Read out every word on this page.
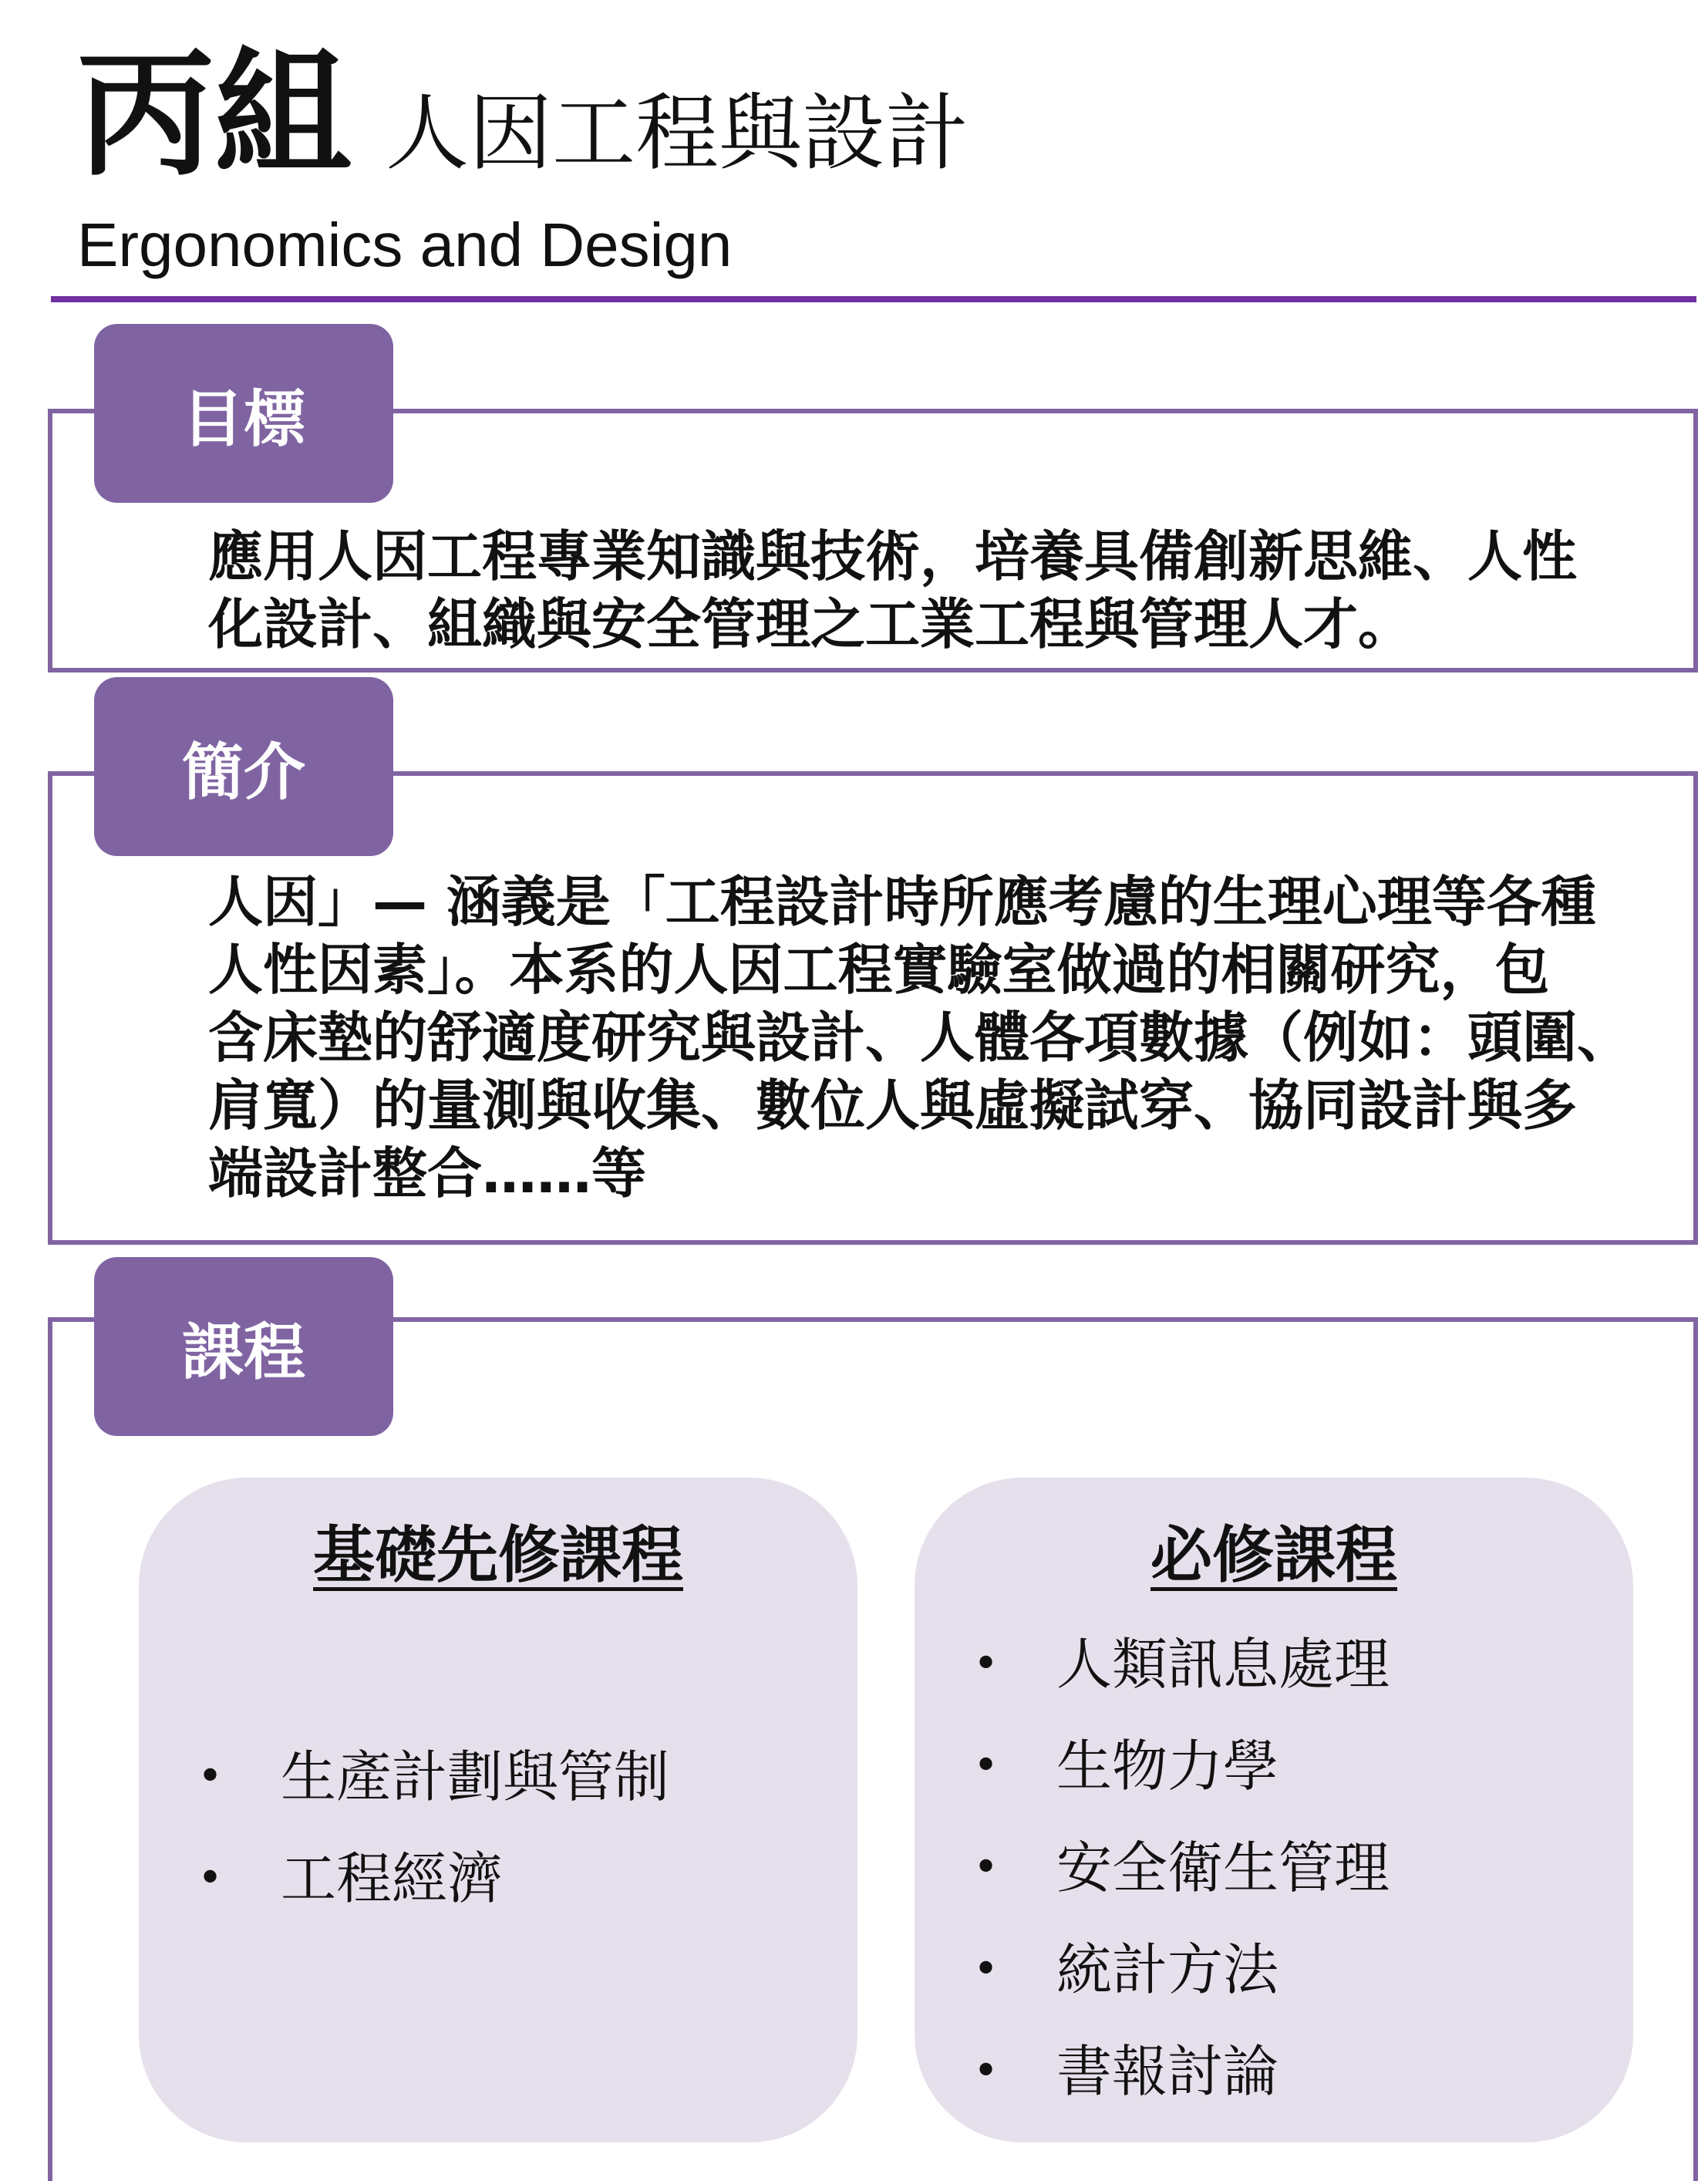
丙組 人因工程與設計
Ergonomics and Design
應用人因工程專業知識與技術，培養具備創新思維、人性
化設計、組織與安全管理之工業工程與管理人才。
目標
人因」— 涵義是「工程設計時所應考慮的生理心理等各種
人性因素」。本系的人因工程實驗室做過的相關研究，包
含床墊的舒適度研究與設計、人體各項數據（例如：頭圍、
肩寬）的量測與收集、數位人與虛擬試穿、協同設計與多
端設計整合……等
簡介
基礎先修課程
• 生產計劃與管制
• 工程經濟
必修課程
• 人類訊息處理
• 生物力學
• 安全衛生管理
• 統計方法
• 書報討論
課程
